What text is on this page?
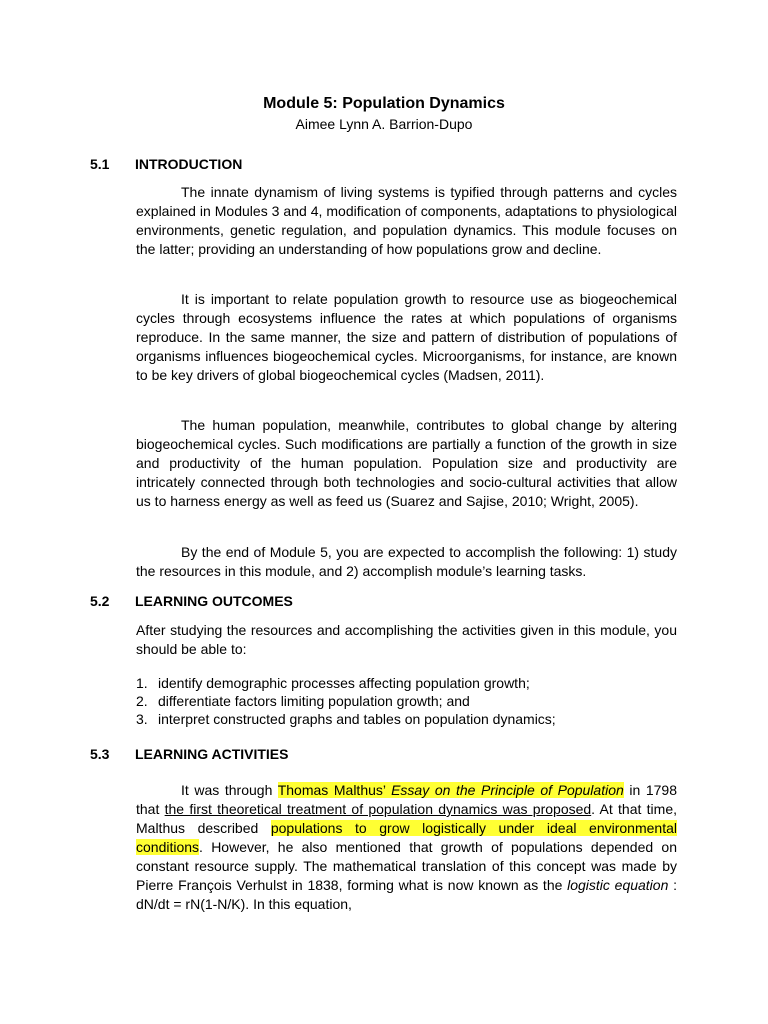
Module 5: Population Dynamics
Aimee Lynn A. Barrion-Dupo
5.1 INTRODUCTION

The innate dynamism of living systems is typified through patterns and cycles explained in Modules 3 and 4, modification of components, adaptations to physiological environments, genetic regulation, and population dynamics. This module focuses on the latter; providing an understanding of how populations grow and decline.

It is important to relate population growth to resource use as biogeochemical cycles through ecosystems influence the rates at which populations of organisms reproduce. In the same manner, the size and pattern of distribution of populations of organisms influences biogeochemical cycles. Microorganisms, for instance, are known to be key drivers of global biogeochemical cycles (Madsen, 2011).

The human population, meanwhile, contributes to global change by altering biogeochemical cycles. Such modifications are partially a function of the growth in size and productivity of the human population. Population size and productivity are intricately connected through both technologies and socio-cultural activities that allow us to harness energy as well as feed us (Suarez and Sajise, 2010; Wright, 2005).

By the end of Module 5, you are expected to accomplish the following: 1) study the resources in this module, and 2) accomplish module’s learning tasks.

5.2 LEARNING OUTCOMES

After studying the resources and accomplishing the activities given in this module, you should be able to:

1. identify demographic processes affecting population growth;
2. differentiate factors limiting population growth; and
3. interpret constructed graphs and tables on population dynamics;
5.3 LEARNING ACTIVITIES

It was through Thomas Malthus’ Essay on the Principle of Population in 1798 that the first theoretical treatment of population dynamics was proposed. At that time, Malthus described populations to grow logistically under ideal environmental conditions. However, he also mentioned that growth of populations depended on constant resource supply. The mathematical translation of this concept was made by Pierre François Verhulst in 1838, forming what is now known as the logistic equation : dN/dt = rN(1-N/K). In this equation,
